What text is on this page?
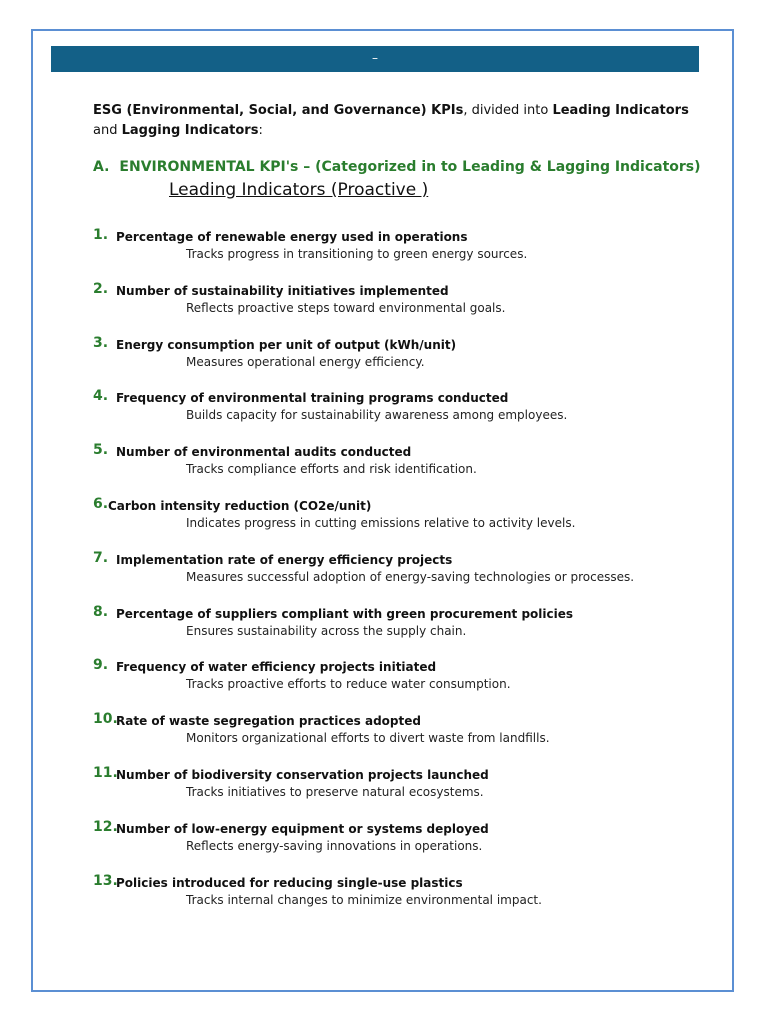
–
ESG (Environmental, Social, and Governance) KPIs, divided into Leading Indicators
and Lagging Indicators:
A. ENVIRONMENTAL KPI's – (Categorized in to Leading & Lagging Indicators)
Leading Indicators (Proactive )
1. Percentage of renewable energy used in operations
Tracks progress in transitioning to green energy sources.
2. Number of sustainability initiatives implemented
Reflects proactive steps toward environmental goals.
3. Energy consumption per unit of output (kWh/unit)
Measures operational energy efficiency.
4. Frequency of environmental training programs conducted
Builds capacity for sustainability awareness among employees.
5. Number of environmental audits conducted
Tracks compliance efforts and risk identification.
6. Carbon intensity reduction (CO2e/unit)
Indicates progress in cutting emissions relative to activity levels.
7. Implementation rate of energy efficiency projects
Measures successful adoption of energy-saving technologies or processes.
8. Percentage of suppliers compliant with green procurement policies
Ensures sustainability across the supply chain.
9. Frequency of water efficiency projects initiated
Tracks proactive efforts to reduce water consumption.
10.
Rate of waste segregation practices adopted
Monitors organizational efforts to divert waste from landfills.
11.
Number of biodiversity conservation projects launched
Tracks initiatives to preserve natural ecosystems.
12.
Number of low-energy equipment or systems deployed
Reflects energy-saving innovations in operations.
13.
Policies introduced for reducing single-use plastics
Tracks internal changes to minimize environmental impact.
